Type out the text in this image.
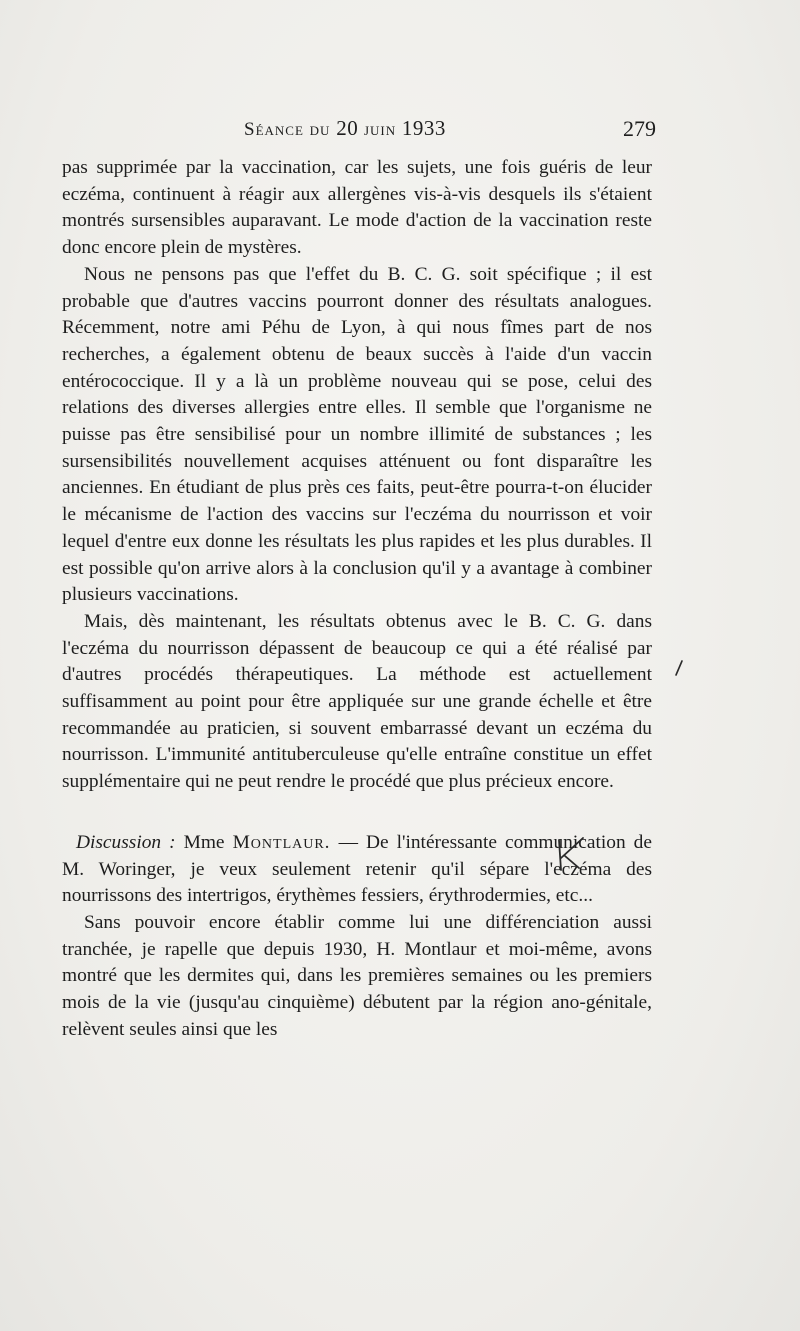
Séance du 20 juin 1933	279

pas supprimée par la vaccination, car les sujets, une fois guéris de leur eczéma, continuent à réagir aux allergènes vis-à-vis desquels ils s'étaient montrés sursensibles auparavant. Le mode d'action de la vaccination reste donc encore plein de mystères.

Nous ne pensons pas que l'effet du B. C. G. soit spécifique ; il est probable que d'autres vaccins pourront donner des résultats analogues. Récemment, notre ami Péhu de Lyon, à qui nous fîmes part de nos recherches, a également obtenu de beaux succès à l'aide d'un vaccin entérococcique. Il y a là un problème nouveau qui se pose, celui des relations des diverses allergies entre elles. Il semble que l'organisme ne puisse pas être sensibilisé pour un nombre illimité de substances ; les sursensibilités nouvellement acquises atténuent ou font disparaître les anciennes. En étudiant de plus près ces faits, peut-être pourra-t-on élucider le mécanisme de l'action des vaccins sur l'eczéma du nourrisson et voir lequel d'entre eux donne les résultats les plus rapides et les plus durables. Il est possible qu'on arrive alors à la conclusion qu'il y a avantage à combiner plusieurs vaccinations.

Mais, dès maintenant, les résultats obtenus avec le B. C. G. dans l'eczéma du nourrisson dépassent de beaucoup ce qui a été réalisé par d'autres procédés thérapeutiques. La méthode est actuellement suffisamment au point pour être appliquée sur une grande échelle et être recommandée au praticien, si souvent embarrassé devant un eczéma du nourrisson. L'immunité antituberculeuse qu'elle entraîne constitue un effet supplémentaire qui ne peut rendre le procédé que plus précieux encore.

Discussion : Mme Montlaur. — De l'intéressante communication de M. Woringer, je veux seulement retenir qu'il sépare l'eczéma des nourrissons des intertrigos, érythèmes fessiers, érythrodermies, etc...

Sans pouvoir encore établir comme lui une différenciation aussi tranchée, je rapelle que depuis 1930, H. Montlaur et moi-même, avons montré que les dermites qui, dans les premières semaines ou les premiers mois de la vie (jusqu'au cinquième) débutent par la région ano-génitale, relèvent seules ainsi que les
